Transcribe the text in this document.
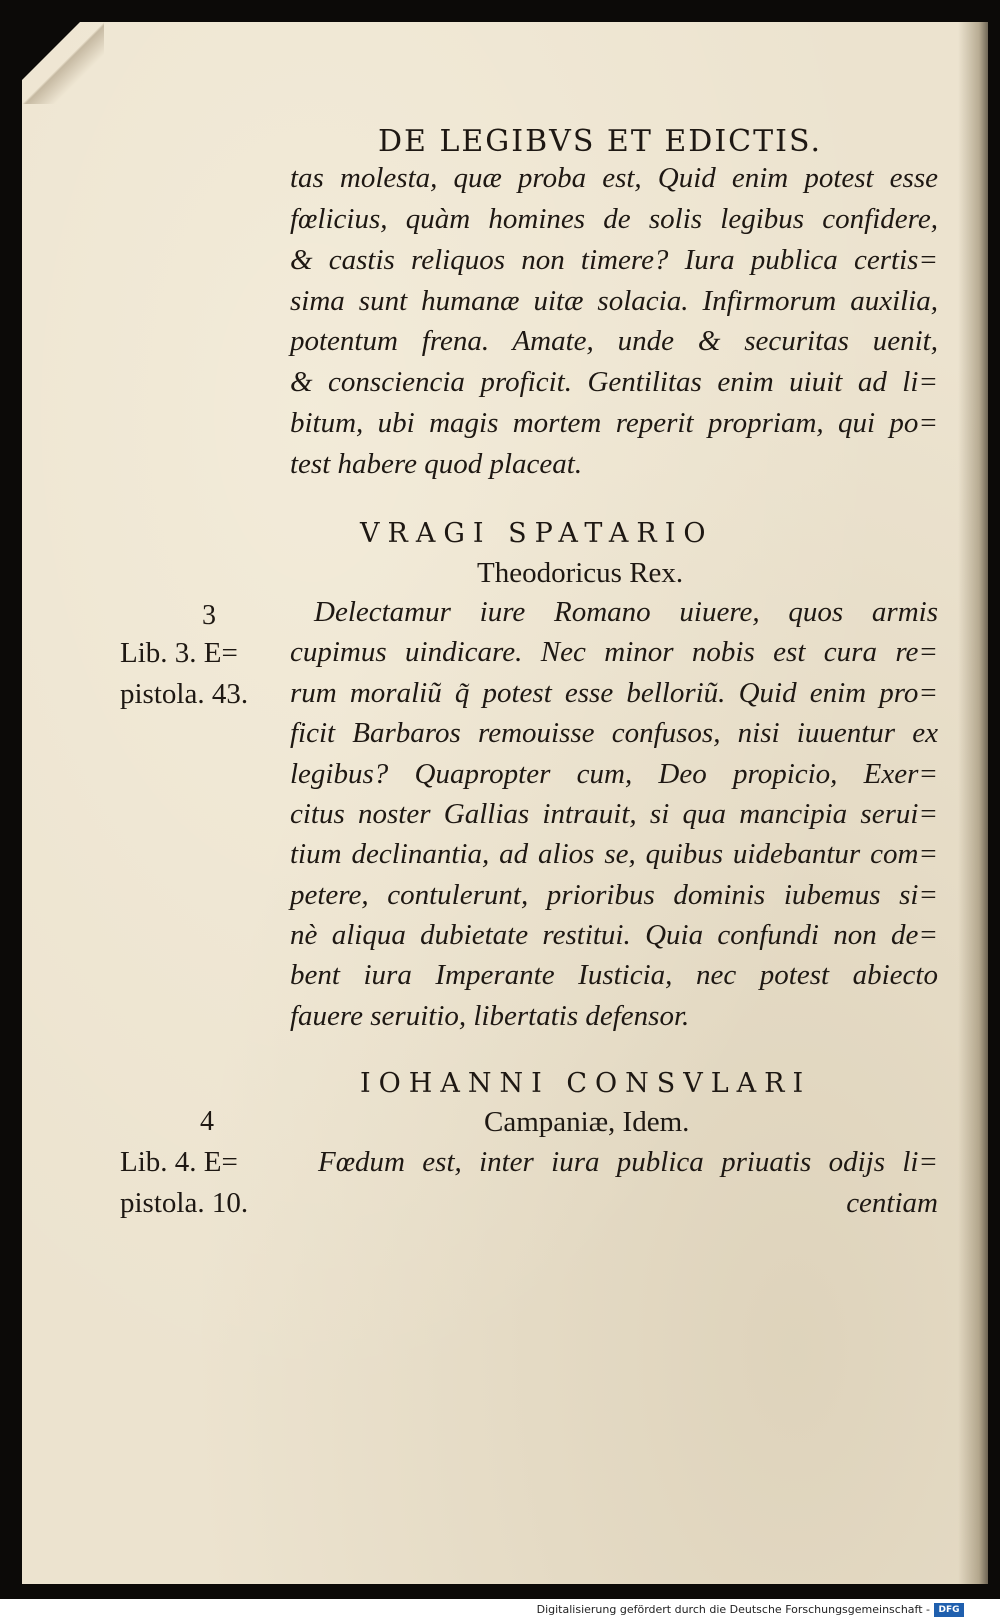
DE LEGIBVS ET EDICTIS.
tas molesta, quæ proba est, Quid enim potest esse
fœlicius, quàm homines de solis legibus confidere,
& castis reliquos non timere? Iura publica certis=
sima sunt humanæ uitæ solacia. Infirmorum auxilia,
potentum frena. Amate, unde & securitas uenit,
& consciencia proficit. Gentilitas enim uiuit ad li=
bitum, ubi magis mortem reperit propriam, qui po=
test habere quod placeat.
VRAGI SPATARIO
Theodoricus Rex.
3
Lib. 3. E=
pistola. 43.
Delectamur iure Romano uiuere, quos armis
cupimus uindicare. Nec minor nobis est cura re=
rum moraliũ q̃ potest esse belloriũ. Quid enim pro=
ficit Barbaros remouisse confusos, nisi iuuentur ex
legibus? Quapropter cum, Deo propicio, Exer=
citus noster Gallias intrauit, si qua mancipia serui=
tium declinantia, ad alios se, quibus uidebantur com=
petere, contulerunt, prioribus dominis iubemus si=
nè aliqua dubietate restitui. Quia confundi non de=
bent iura Imperante Iusticia, nec potest abiecto
fauere seruitio, libertatis defensor.
IOHANNI CONSVLARI
4	Campaniæ, Idem.
Lib. 4. E=
pistola. 10.
Fœdum est, inter iura publica priuatis odijs li=
centiam
Digitalisierung gefördert durch die Deutsche Forschungsgemeinschaft - DFG
